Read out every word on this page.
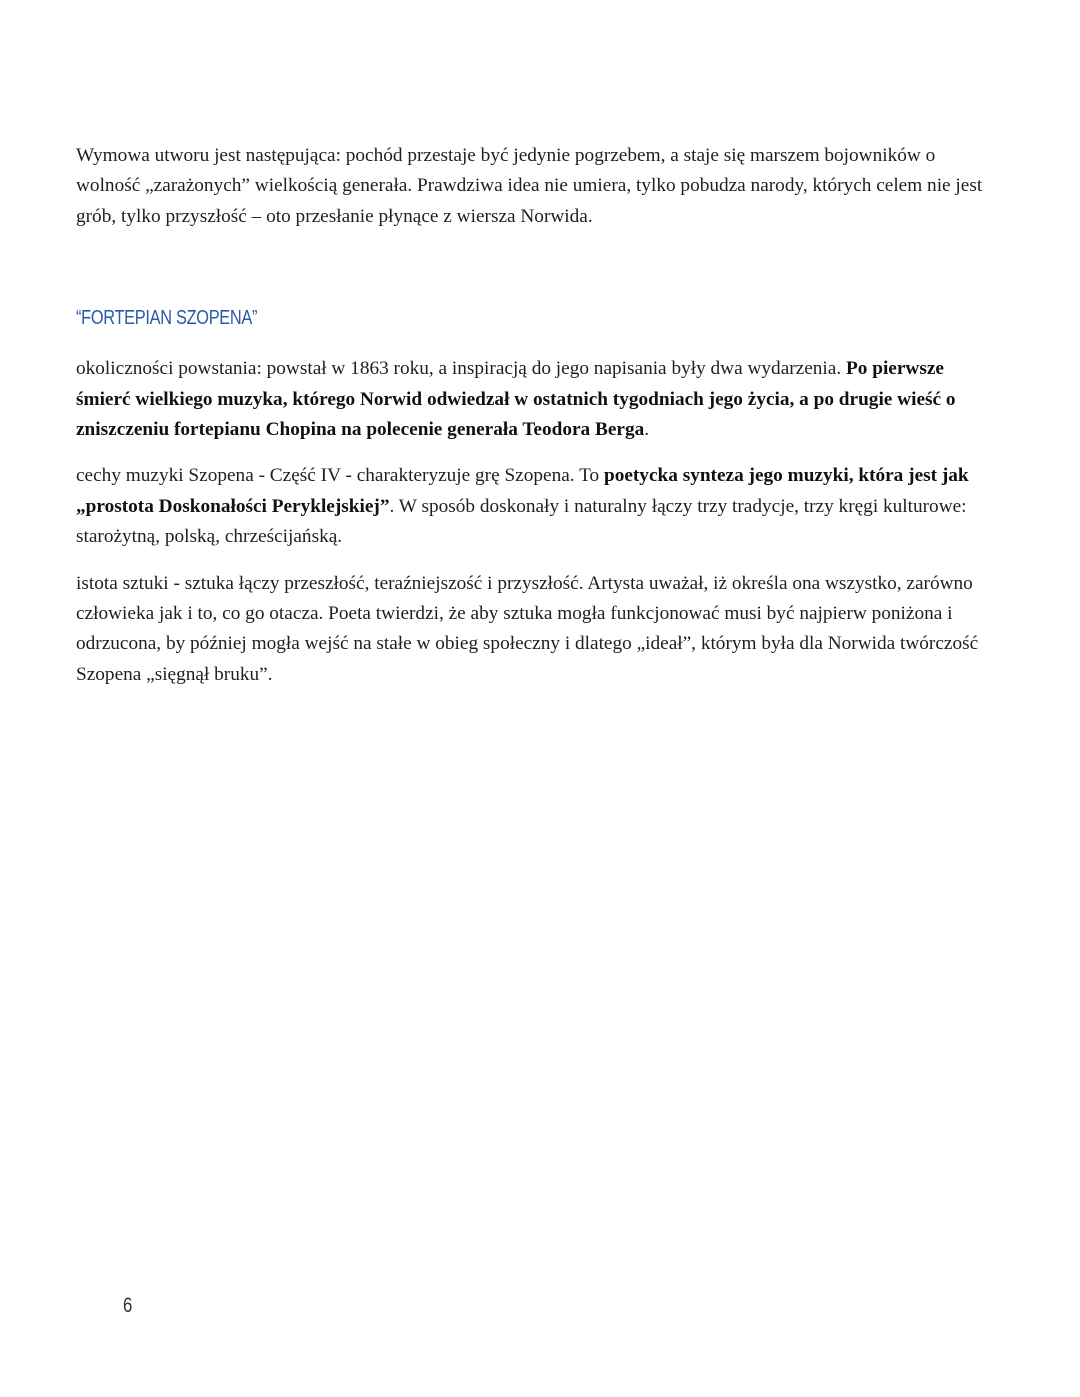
Wymowa utworu jest następująca: pochód przestaje być jedynie pogrzebem, a staje się marszem bojowników o wolność „zarażonych” wielkością generała. Prawdziwa idea nie umiera, tylko pobudza narody, których celem nie jest grób, tylko przyszłość – oto przesłanie płynące z wiersza Norwida.

“FORTEPIAN SZOPENA”

okoliczności powstania: powstał w 1863 roku, a inspiracją do jego napisania były dwa wydarzenia. Po pierwsze śmierć wielkiego muzyka, którego Norwid odwiedzał w ostatnich tygodniach jego życia, a po drugie wieść o zniszczeniu fortepianu Chopina na polecenie generała Teodora Berga.

cechy muzyki Szopena - Część IV - charakteryzuje grę Szopena. To poetycka synteza jego muzyki, która jest jak „prostota Doskonałości Peryklejskiej”. W sposób doskonały i naturalny łączy trzy tradycje, trzy kręgi kulturowe: starożytną, polską, chrześcijańską.

istota sztuki - sztuka łączy przeszłość, teraźniejszość i przyszłość. Artysta uważał, iż określa ona wszystko, zarówno człowieka jak i to, co go otacza. Poeta twierdzi, że aby sztuka mogła funkcjonować musi być najpierw poniżona i odrzucona, by później mogła wejść na stałe w obieg społeczny i dlatego „ideał”, którym była dla Norwida twórczość Szopena „sięgnął bruku”.

6
